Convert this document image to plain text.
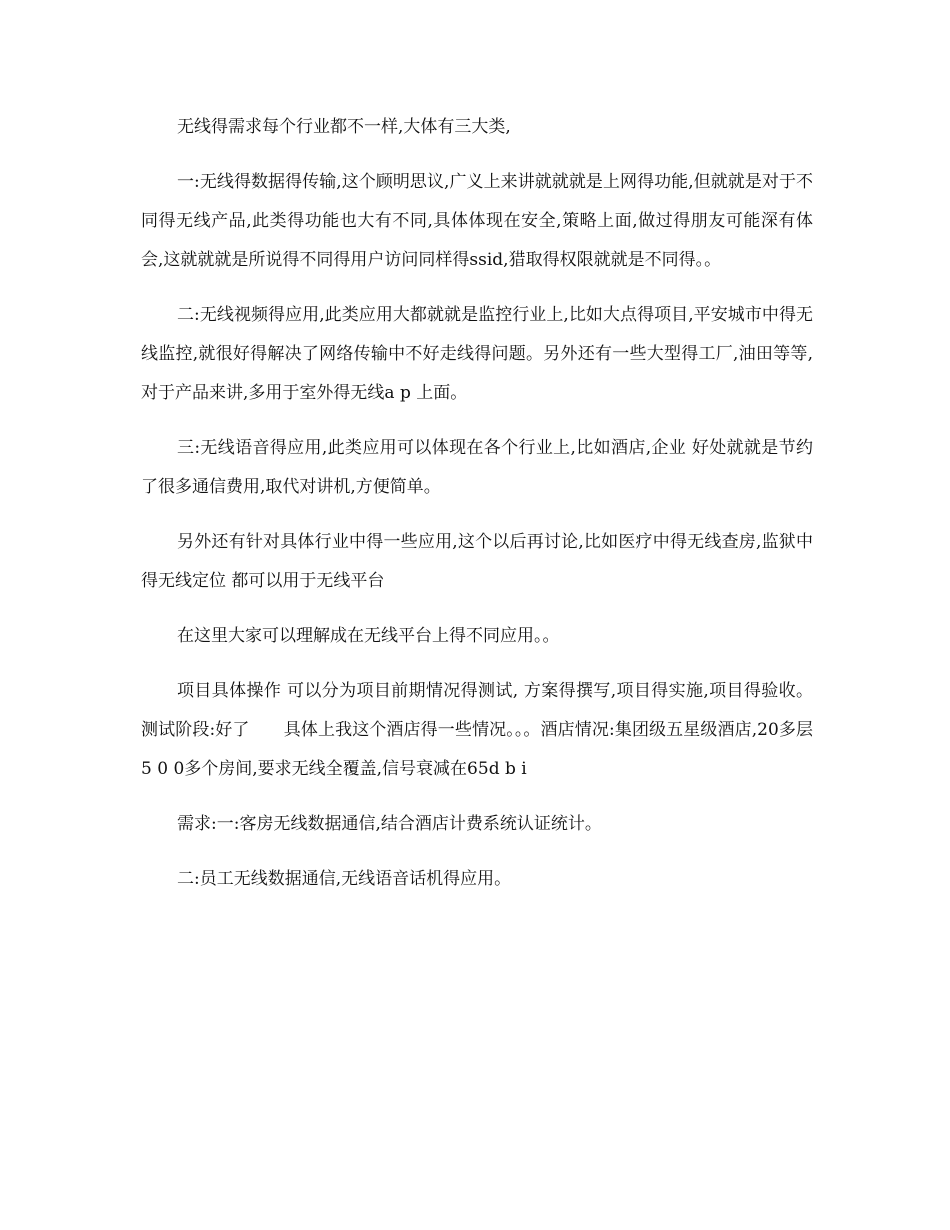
无线得需求每个行业都不一样,大体有三大类,

一:无线得数据得传输,这个顾明思议,广义上来讲就就就是上网得功能,但就就是对于不同得无线产品,此类得功能也大有不同,具体体现在安全,策略上面,做过得朋友可能深有体会,这就就就是所说得不同得用户访问同样得ssid,猎取得权限就就是不同得。。

二:无线视频得应用,此类应用大都就就是监控行业上,比如大点得项目,平安城市中得无线监控,就很好得解决了网络传输中不好走线得问题。另外还有一些大型得工厂,油田等等,对于产品来讲,多用于室外得无线a p 上面。

三:无线语音得应用,此类应用可以体现在各个行业上,比如酒店,企业 好处就就是节约了很多通信费用,取代对讲机,方便简单。

另外还有针对具体行业中得一些应用,这个以后再讨论,比如医疗中得无线查房,监狱中得无线定位 都可以用于无线平台

在这里大家可以理解成在无线平台上得不同应用。。

项目具体操作 可以分为项目前期情况得测试, 方案得撰写,项目得实施,项目得验收。 测试阶段:好了　　具体上我这个酒店得一些情况。。。酒店情况:集团级五星级酒店,20多层5 0 0多个房间,要求无线全覆盖,信号衰减在65d b i

需求:一:客房无线数据通信,结合酒店计费系统认证统计。

二:员工无线数据通信,无线语音话机得应用。
